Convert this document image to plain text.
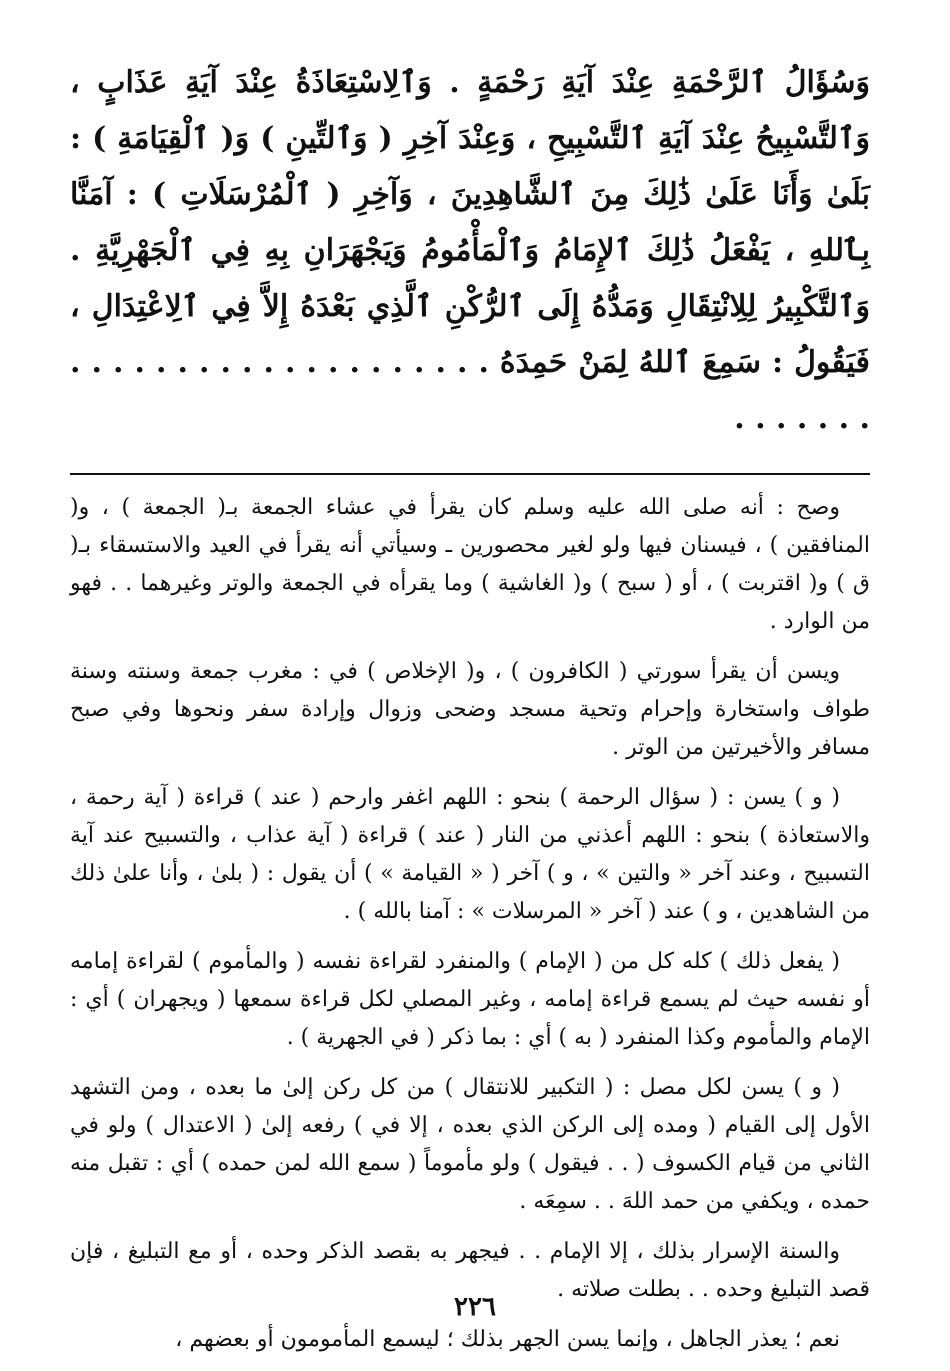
وَسُؤَالُ ٱلرَّحْمَةِ عِنْدَ آيَةِ رَحْمَةٍ . وَٱلِاسْتِعَاذَةُ عِنْدَ آيَةِ عَذَابٍ ، وَٱلتَّسْبِيحُ عِنْدَ آيَةِ ٱلتَّسْبِيحِ ، وَعِنْدَ آخِرِ ( وَٱلتِّينِ ) وَ( ٱلْقِيَامَةِ ) : بَلَىٰ وَأَنَا عَلَىٰ ذَٰلِكَ مِنَ ٱلشَّاهِدِينَ ، وَآخِرِ ( ٱلْمُرْسَلَاتِ ) : آمَنَّا بِٱللهِ ، يَفْعَلُ ذَٰلِكَ ٱلإِمَامُ وَٱلْمَأْمُومُ وَيَجْهَرَانِ بِهِ فِي ٱلْجَهْرِيَّةِ . وَٱلتَّكْبِيرُ لِلِانْتِقَالِ وَمَدُّهُ إِلَى ٱلرُّكْنِ ٱلَّذِي بَعْدَهُ إِلاَّ فِي ٱلِاعْتِدَالِ ، فَيَقُولُ : سَمِعَ ٱللهُ لِمَنْ حَمِدَهُ . . . . . . . . . . . . . . . . . . . . . . . . . . .

وصح : أنه صلى الله عليه وسلم كان يقرأ في عشاء الجمعة بـ( الجمعة ) ، و( المنافقين ) ، فيسنان فيها ولو لغير محصورين ـ وسيأتي أنه يقرأ في العيد والاستسقاء بـ( ق ) و( اقتربت ) ، أو ( سبح ) و( الغاشية ) وما يقرأه في الجمعة والوتر وغيرهما . . فهو من الوارد .

ويسن أن يقرأ سورتي ( الكافرون ) ، و( الإخلاص ) في : مغرب جمعة وسنته وسنة طواف واستخارة وإحرام وتحية مسجد وضحى وزوال وإرادة سفر ونحوها وفي صبح مسافر والأخيرتين من الوتر .

( و ) يسن : ( سؤال الرحمة ) بنحو : اللهم اغفر وارحم ( عند ) قراءة ( آية رحمة ، والاستعاذة ) بنحو : اللهم أعذني من النار ( عند ) قراءة ( آية عذاب ، والتسبيح عند آية التسبيح ، وعند آخر « والتين » ، و ) آخر ( « القيامة » ) أن يقول : ( بلىٰ ، وأنا علىٰ ذلك من الشاهدين ، و ) عند ( آخر « المرسلات » : آمنا بالله ) .

( يفعل ذلك ) كله كل من ( الإمام ) والمنفرد لقراءة نفسه ( والمأموم ) لقراءة إمامه أو نفسه حيث لم يسمع قراءة إمامه ، وغير المصلي لكل قراءة سمعها ( ويجهران ) أي : الإمام والمأموم وكذا المنفرد ( به ) أي : بما ذكر ( في الجهرية ) .

( و ) يسن لكل مصل : ( التكبير للانتقال ) من كل ركن إلىٰ ما بعده ، ومن التشهد الأول إلى القيام ( ومده إلى الركن الذي بعده ، إلا في ) رفعه إلىٰ ( الاعتدال ) ولو في الثاني من قيام الكسوف ( . . فيقول ) ولو مأموماً ( سمع الله لمن حمده ) أي : تقبل منه حمده ، ويكفي من حمد اللهَ . . سمِعَه .

والسنة الإسرار بذلك ، إلا الإمام . . فيجهر به بقصد الذكر وحده ، أو مع التبليغ ، فإن قصد التبليغ وحده . . بطلت صلاته .

نعم ؛ يعذر الجاهل ، وإنما يسن الجهر بذلك ؛ ليسمع المأمومون أو بعضهم ،

٢٢٦
